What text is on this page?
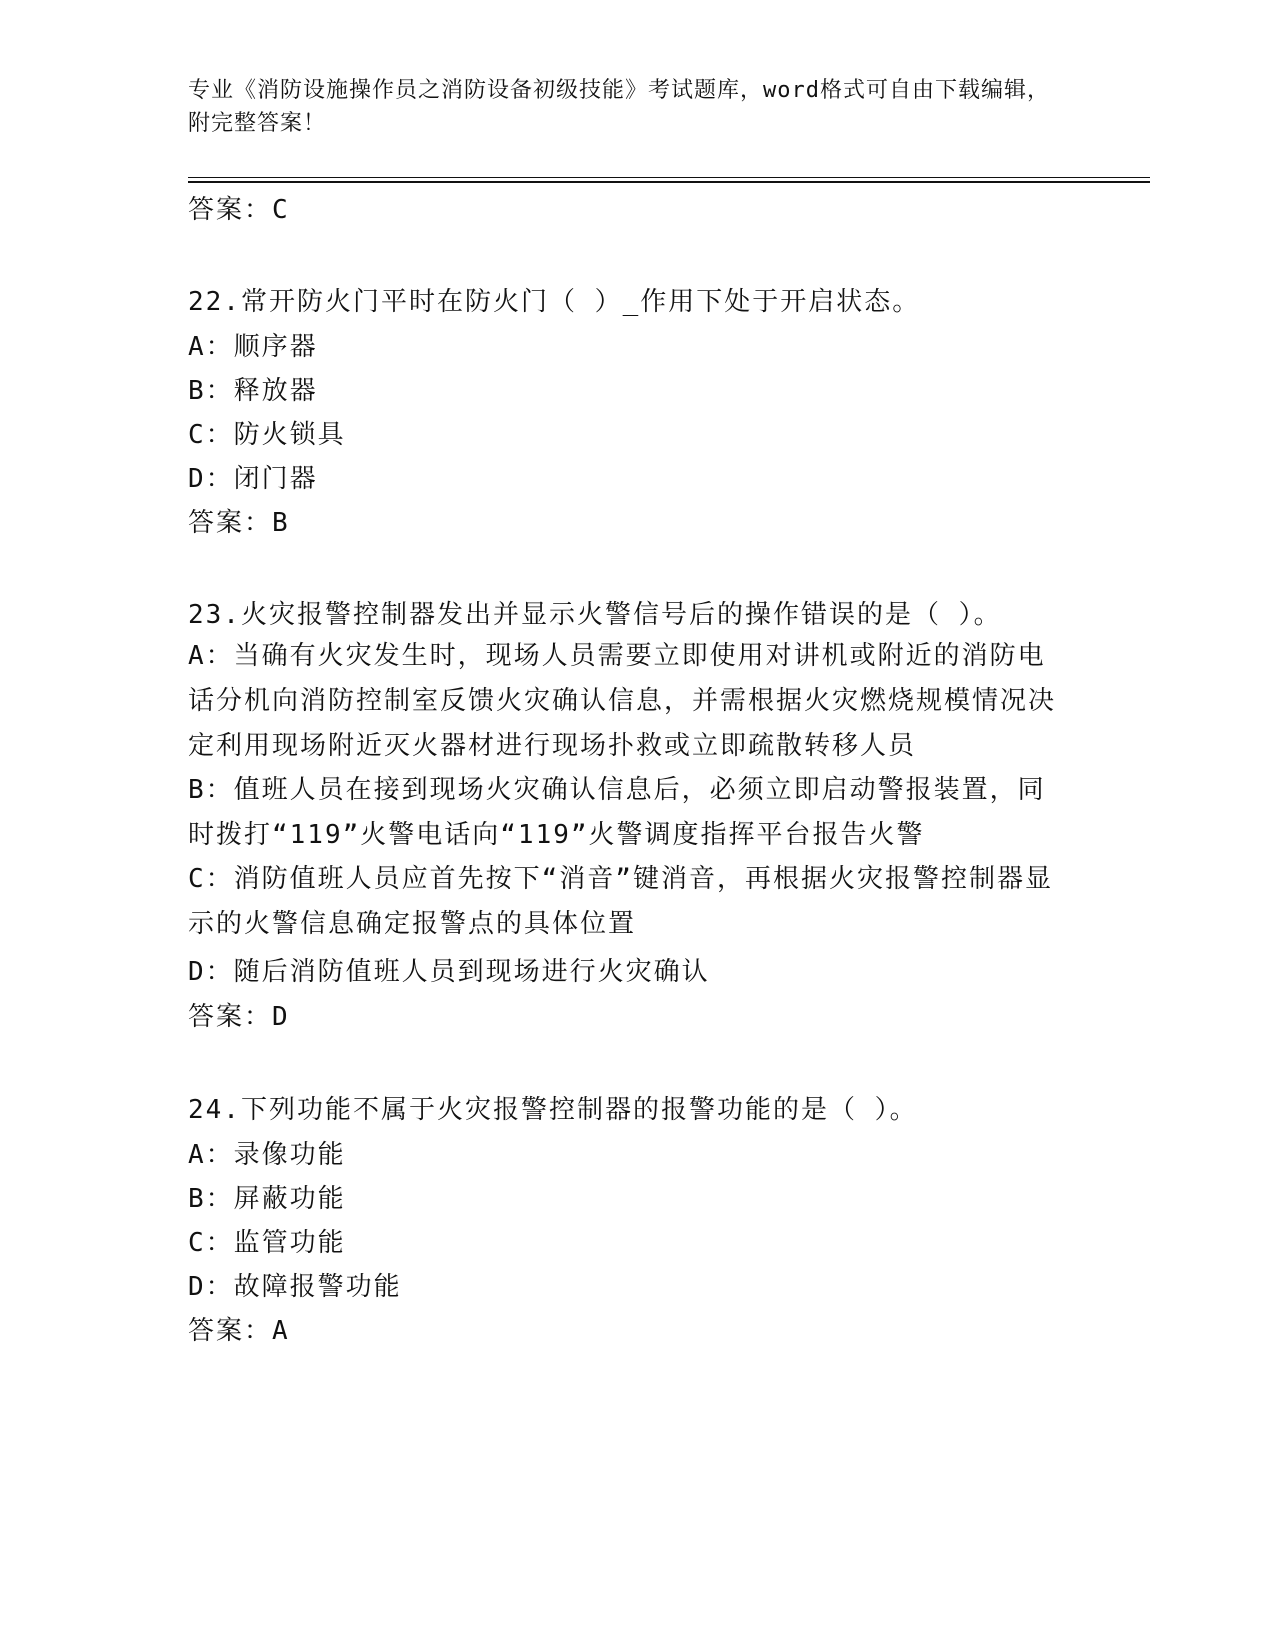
专业《消防设施操作员之消防设备初级技能》考试题库，word格式可自由下载编辑，附完整答案！
答案：C
22.常开防火门平时在防火门（ ）_作用下处于开启状态。
A：顺序器
B：释放器
C：防火锁具
D：闭门器
答案：B
23.火灾报警控制器发出并显示火警信号后的操作错误的是（ ）。
A：当确有火灾发生时，现场人员需要立即使用对讲机或附近的消防电话分机向消防控制室反馈火灾确认信息，并需根据火灾燃烧规模情况决定利用现场附近灭火器材进行现场扑救或立即疏散转移人员
B：值班人员在接到现场火灾确认信息后，必须立即启动警报装置，同时拨打“119”火警电话向“119”火警调度指挥平台报告火警
C：消防值班人员应首先按下“消音”键消音，再根据火灾报警控制器显示的火警信息确定报警点的具体位置
D：随后消防值班人员到现场进行火灾确认
答案：D
24.下列功能不属于火灾报警控制器的报警功能的是（ ）。
A：录像功能
B：屏蔽功能
C：监管功能
D：故障报警功能
答案：A
